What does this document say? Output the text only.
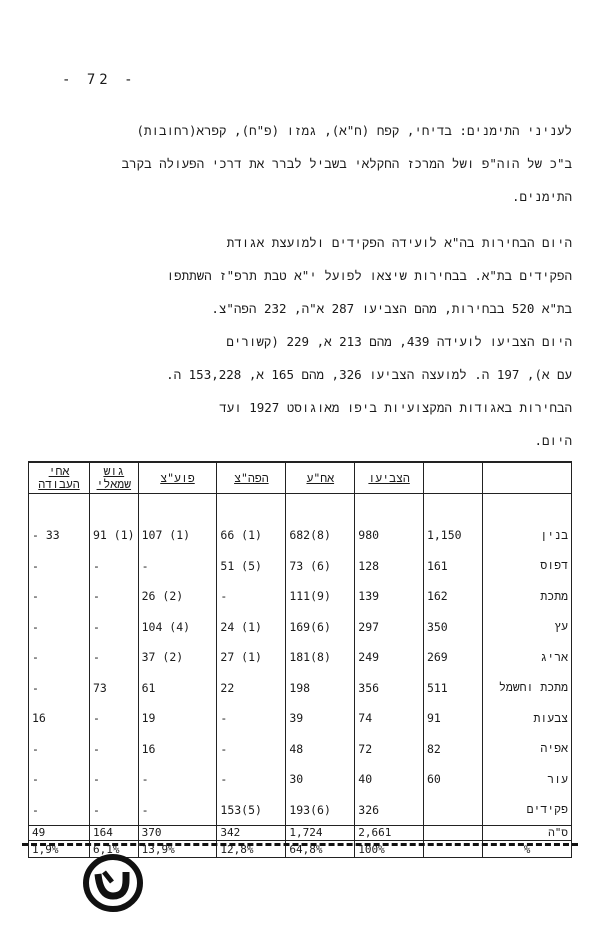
- 72 -
לעניני התימנים: בדיחי, קפח (ח"א), גמזו (פ"ח), קפרא(רחובות)
ב"כ של הוה"פ ושל המרכז החקלאי בשביל לברר את דרכי הפעולה בקרב
התימנים.
היום הבחירות בה"א לועידה הפקידים ולמועצת אגודת
הפקידים בת"א. בבחירות שיצאו לפועל י"א טבת תרפ"ז השתתפו
בת"א 520 בבחירות, מהם הצביעו 287 א"ה, 232 הפה"צ.
היום הצביעו לועידה 439, מהם 213 א, 229 (קשורים
עם א), 197 ה. למועצה הצביעו 326, מהם 165 א, 153,228 ה.
הבחירות באגודות המקצועיות ביפו מאוגוסט 1927 ועד
היום.
		הצביעו	אח"ע	הפה"צ	פוע"צ	גוש שמאלי	אחי העבודה
בנין	1,150	980	(8)682	(1) 66	(1) 107	(1) 91	33 -
דפוס	161	128	(6) 73	(5) 51	-	-	-
מתכת	162	139	(9)111	-	(2) 26	-	-
עץ	350	297	(6)169	(1) 24	(4) 104	-	-
אריג	269	249	(8)181	(1) 27	(2) 37	-	-
מתכת וחשמל	511	356	198	22	61	73	-
צבעות	91	74	39	-	19	-	16
אפיה	82	72	48	-	16	-	-
עור	60	40	30	-	-	-	-
פקידים		326	(6)193	(5)153	-	-	-
ס"ה		2,661	1,724	342	370	164	49
%		100%	64,8%	12,8%	13,9%	6,1%	1,9%
